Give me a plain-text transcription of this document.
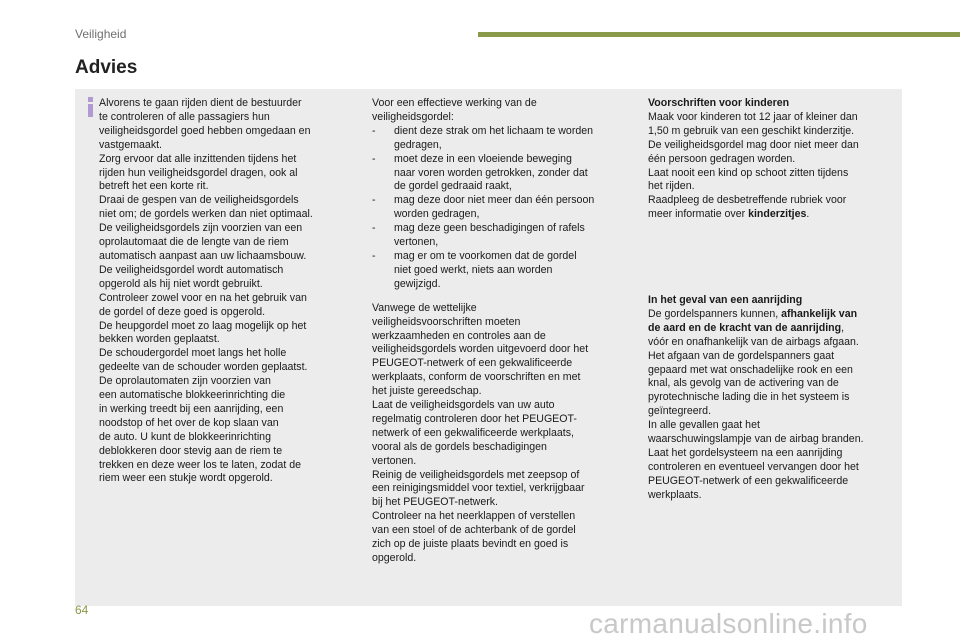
Veiligheid
Advies

Alvorens te gaan rijden dient de bestuurder

te controleren of alle passagiers hun

veiligheidsgordel goed hebben omgedaan en

vastgemaakt.

Zorg ervoor dat alle inzittenden tijdens het

rijden hun veiligheidsgordel dragen, ook al

betreft het een korte rit.

Draai de gespen van de veiligheidsgordels

niet om; de gordels werken dan niet optimaal.

De veiligheidsgordels zijn voorzien van een

oprolautomaat die de lengte van de riem

automatisch aanpast aan uw lichaamsbouw.

De veiligheidsgordel wordt automatisch

opgerold als hij niet wordt gebruikt.

Controleer zowel voor en na het gebruik van

de gordel of deze goed is opgerold.

De heupgordel moet zo laag mogelijk op het

bekken worden geplaatst.

De schoudergordel moet langs het holle

gedeelte van de schouder worden geplaatst.

De oprolautomaten zijn voorzien van

een automatische blokkeerinrichting die

in werking treedt bij een aanrijding, een

noodstop of het over de kop slaan van

de auto. U kunt de blokkeerinrichting

deblokkeren door stevig aan de riem te

trekken en deze weer los te laten, zodat de

riem weer een stukje wordt opgerold.

Voor een effectieve werking van de

veiligheidsgordel:

- dient deze strak om het lichaam te worden

gedragen,

- moet deze in een vloeiende beweging

naar voren worden getrokken, zonder dat

de gordel gedraaid raakt,

- mag deze door niet meer dan één persoon

worden gedragen,

- mag deze geen beschadigingen of rafels

vertonen,

- mag er om te voorkomen dat de gordel

niet goed werkt, niets aan worden

gewijzigd.

Vanwege de wettelijke

veiligheidsvoorschriften moeten

werkzaamheden en controles aan de

veiligheidsgordels worden uitgevoerd door het

PEUGEOT-netwerk of een gekwalificeerde

werkplaats, conform de voorschriften en met

het juiste gereedschap.

Laat de veiligheidsgordels van uw auto

regelmatig controleren door het PEUGEOT-

netwerk of een gekwalificeerde werkplaats,

vooral als de gordels beschadigingen

vertonen.

Reinig de veiligheidsgordels met zeepsop of

een reinigingsmiddel voor textiel, verkrijgbaar

bij het PEUGEOT-netwerk.

Controleer na het neerklappen of verstellen

van een stoel of de achterbank of de gordel

zich op de juiste plaats bevindt en goed is

opgerold.

Voorschriften voor kinderen

Maak voor kinderen tot 12 jaar of kleiner dan

1,50 m gebruik van een geschikt kinderzitje.

De veiligheidsgordel mag door niet meer dan

één persoon gedragen worden.

Laat nooit een kind op schoot zitten tijdens

het rijden.

Raadpleeg de desbetreffende rubriek voor

meer informatie over kinderzitjes.

In het geval van een aanrijding

De gordelspanners kunnen, afhankelijk van

de aard en de kracht van de aanrijding,

vóór en onafhankelijk van de airbags afgaan.

Het afgaan van de gordelspanners gaat

gepaard met wat onschadelijke rook en een

knal, als gevolg van de activering van de

pyrotechnische lading die in het systeem is

geïntegreerd.

In alle gevallen gaat het

waarschuwingslampje van de airbag branden.

Laat het gordelsysteem na een aanrijding

controleren en eventueel vervangen door het

PEUGEOT-netwerk of een gekwalificeerde

werkplaats.

64	carmanualsonline.info
